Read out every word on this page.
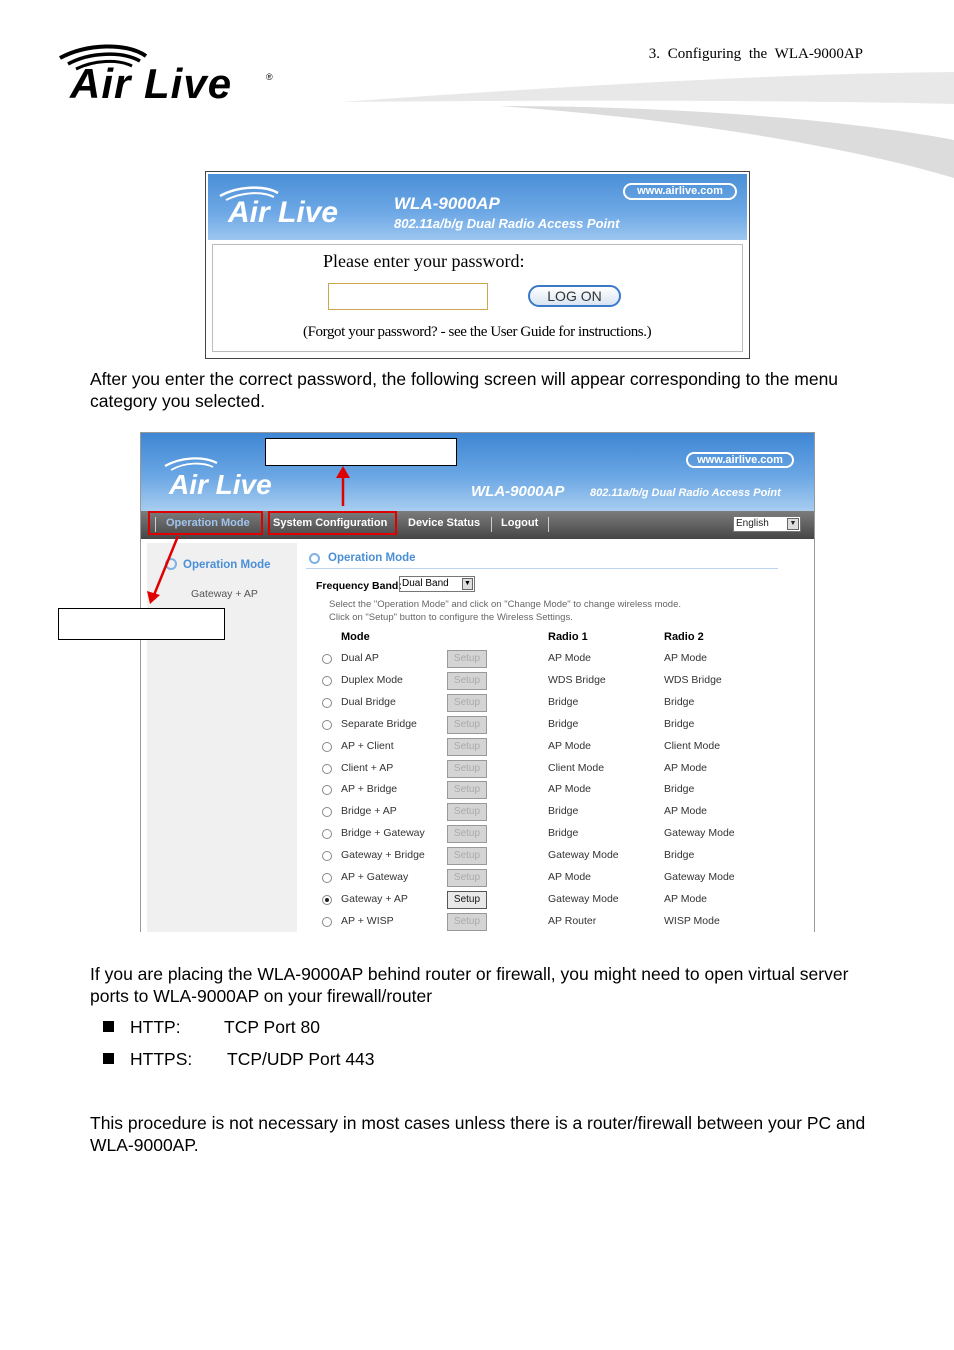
Air Live	®
3. Configuring the WLA-9000AP
Air Live	WLA-9000AP
802.11a/b/g Dual Radio Access Point
www.airlive.com
Please enter your password:
LOG ON
(Forgot your password? - see the User Guide for instructions.)
After you enter the correct password, the following screen will appear corresponding to the menu category you selected.
Air Live	WLA-9000AP 802.11a/b/g Dual Radio Access Point
www.airlive.com
Operation Mode System Configuration Device Status Logout	English	▼
Operation Mode
Gateway + AP
Operation Mode
Frequency Band: Dual Band ▼
Select the "Operation Mode" and click on "Change Mode" to change wireless mode.
Click on "Setup" button to configure the Wireless Settings.
Mode	Radio 1	Radio 2
Dual AP	Setup	AP Mode	AP Mode
Duplex Mode	Setup	WDS Bridge	WDS Bridge
Dual Bridge	Setup	Bridge	Bridge
Separate Bridge	Setup	Bridge	Bridge
AP + Client	Setup	AP Mode	Client Mode
Client + AP	Setup	Client Mode	AP Mode
AP + Bridge	Setup	AP Mode	Bridge
Bridge + AP	Setup	Bridge	AP Mode
Bridge + Gateway	Setup	Bridge	Gateway Mode
Gateway + Bridge	Setup	Gateway Mode	Bridge
AP + Gateway	Setup	AP Mode	Gateway Mode
Gateway + AP	Setup	Gateway Mode	AP Mode
AP + WISP	Setup	AP Router	WISP Mode
If you are placing the WLA-9000AP behind router or firewall, you might need to open virtual server ports to WLA-9000AP on your firewall/router
HTTP: TCP Port 80
HTTPS: TCP/UDP Port 443
This procedure is not necessary in most cases unless there is a router/firewall between your PC and WLA-9000AP.
